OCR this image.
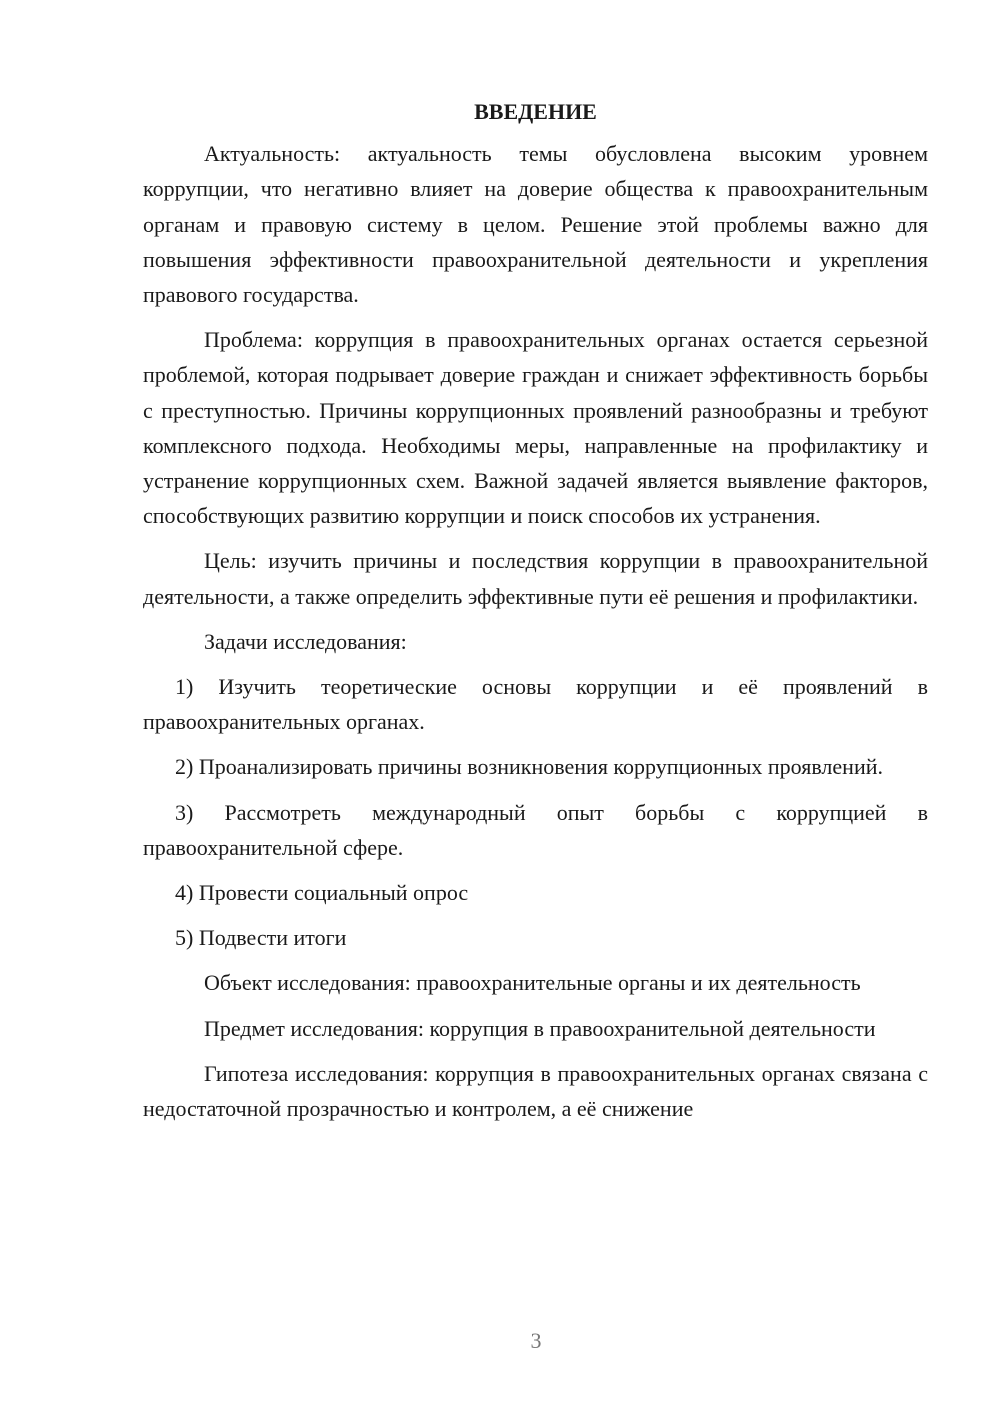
ВВЕДЕНИЕ

Актуальность: актуальность темы обусловлена высоким уровнем коррупции, что негативно влияет на доверие общества к правоохранительным органам и правовую систему в целом. Решение этой проблемы важно для повышения эффективности правоохранительной деятельности и укрепления правового государства.

Проблема: коррупция в правоохранительных органах остается серьезной проблемой, которая подрывает доверие граждан и снижает эффективность борьбы с преступностью. Причины коррупционных проявлений разнообразны и требуют комплексного подхода. Необходимы меры, направленные на профилактику и устранение коррупционных схем. Важной задачей является выявление факторов, способствующих развитию коррупции и поиск способов их устранения.

Цель: изучить причины и последствия коррупции в правоохранительной деятельности, а также определить эффективные пути её решения и профилактики.

Задачи исследования:

1) Изучить теоретические основы коррупции и её проявлений в правоохранительных органах.

2) Проанализировать причины возникновения коррупционных проявлений.

3) Рассмотреть международный опыт борьбы с коррупцией в правоохранительной сфере.

4) Провести социальный опрос

5) Подвести итоги

Объект исследования: правоохранительные органы и их деятельность

Предмет исследования: коррупция в правоохранительной деятельности

Гипотеза исследования: коррупция в правоохранительных органах связана с недостаточной прозрачностью и контролем, а её снижение

3
